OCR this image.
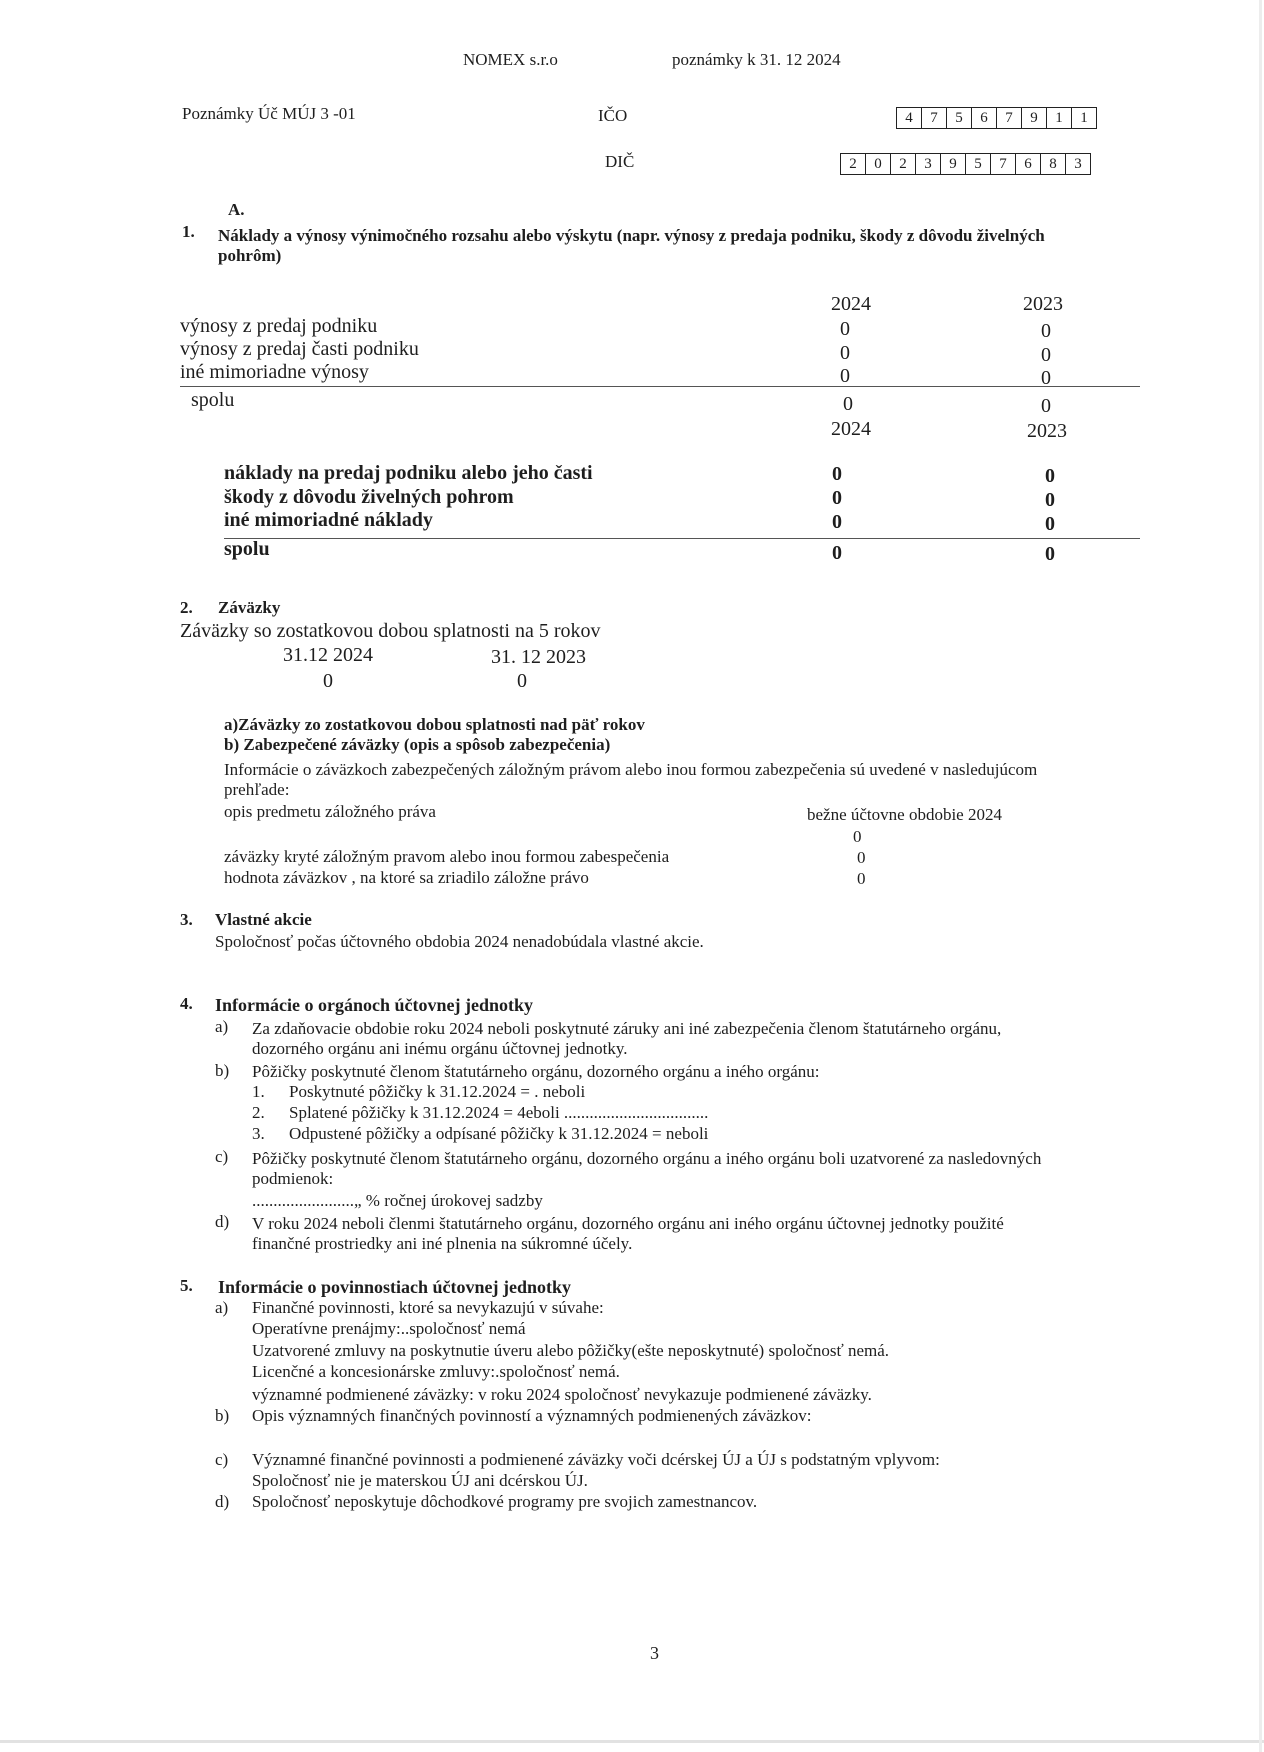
NOMEX s.r.o	poznámky k 31. 12 2024
Poznámky Úč MÚJ 3 -01	IČO	4	7	5	6	7	9	1	1
DIČ	2	0	2	3	9	5	7	6	8	3
A.
1. Náklady a výnosy výnimočného rozsahu alebo výskytu (napr. výnosy z predaja podniku, škody z dôvodu živelných
pohrôm)
2024	2023
výnosy z predaj podniku	0	0
výnosy z predaj časti podniku	0	0
iné mimoriadne výnosy	0	0
spolu	0	0
2024	2023
náklady na predaj podniku alebo jeho časti	0	0
škody z dôvodu živelných pohrom	0	0
iné mimoriadné náklady	0	0
spolu	0	0
2. Záväzky
Záväzky so zostatkovou dobou splatnosti na 5 rokov
31.12 2024	31. 12 2023
0	0
a)Záväzky zo zostatkovou dobou splatnosti nad päť rokov
b) Zabezpečené záväzky (opis a spôsob zabezpečenia)
Informácie o záväzkoch zabezpečených záložným právom alebo inou formou zabezpečenia sú uvedené v nasledujúcom
prehľade:
opis predmetu záložného práva	bežne účtovne obdobie 2024
0
záväzky kryté záložným pravom alebo inou formou zabespečenia	0
hodnota záväzkov , na ktoré sa zriadilo záložne právo	0
3. Vlastné akcie
Spoločnosť počas účtovného obdobia 2024 nenadobúdala vlastné akcie.
4. Informácie o orgánoch účtovnej jednotky
a) Za zdaňovacie obdobie roku 2024 neboli poskytnuté záruky ani iné zabezpečenia členom štatutárneho orgánu,
dozorného orgánu ani inému orgánu účtovnej jednotky.
b) Pôžičky poskytnuté členom štatutárneho orgánu, dozorného orgánu a iného orgánu:
1. Poskytnuté pôžičky k 31.12.2024 = . neboli
2. Splatené pôžičky k 31.12.2024 = 4eboli ..................................
3. Odpustené pôžičky a odpísané pôžičky k 31.12.2024 = neboli
c) Pôžičky poskytnuté členom štatutárneho orgánu, dozorného orgánu a iného orgánu boli uzatvorené za nasledovných
podmienok:
........................„ % ročnej úrokovej sadzby
d) V roku 2024 neboli členmi štatutárneho orgánu, dozorného orgánu ani iného orgánu účtovnej jednotky použité
finančné prostriedky ani iné plnenia na súkromné účely.
5. Informácie o povinnostiach účtovnej jednotky
a) Finančné povinnosti, ktoré sa nevykazujú v súvahe:
Operatívne prenájmy:..spoločnosť nemá
Uzatvorené zmluvy na poskytnutie úveru alebo pôžičky(ešte neposkytnuté) spoločnosť nemá.
Licenčné a koncesionárske zmluvy:.spoločnosť nemá.
významné podmienené záväzky: v roku 2024 spoločnosť nevykazuje podmienené záväzky.
b) Opis významných finančných povinností a významných podmienených záväzkov:
c) Významné finančné povinnosti a podmienené záväzky voči dcérskej ÚJ a ÚJ s podstatným vplyvom:
Spoločnosť nie je materskou ÚJ ani dcérskou ÚJ.
d) Spoločnosť neposkytuje dôchodkové programy pre svojich zamestnancov.
3
